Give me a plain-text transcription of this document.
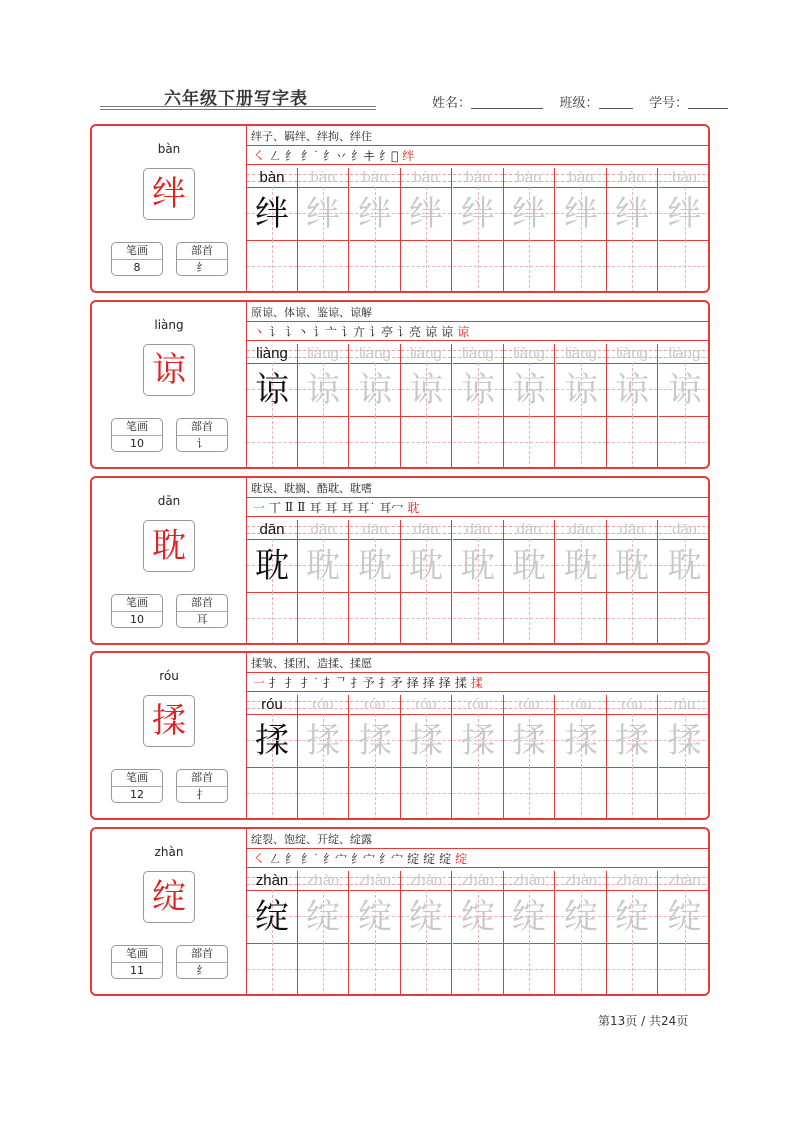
六年级下册写字表	姓名：	班级：	学号：
bàn
绊
笔画
8
部首
纟
绊子、羁绊、绊拘、绊住
㇛ ㇜ 纟 纟˙ 纟丷 纟𰀁 纟𫠠 绊
bàn
绊
bàn
绊
bàn
绊
bàn
绊
bàn
绊
bàn
绊
bàn
绊
bàn
绊
bàn
绊
liàng
谅
笔画
10
部首
讠
原谅、体谅、鉴谅、谅解
丶 讠 讠丶 讠亠 讠亣 讠亭 讠亮 谅 谅 谅
liàng
谅
liàng
谅
liàng
谅
liàng
谅
liàng
谅
liàng
谅
liàng
谅
liàng
谅
liàng
谅
dān
耽
笔画
10
部首
耳
耽误、耽搁、酷耽、耽嗜
一 丅 Ⅱ Ⅱ 耳 耳 耳 耳˙ 耳冖 耽
dān
耽
dān
耽
dān
耽
dān
耽
dān
耽
dān
耽
dān
耽
dān
耽
dān
耽
róu
揉
笔画
12
部首
扌
揉皱、揉团、造揉、揉愿
一 扌 扌 扌˙ 扌ᄀ 扌予 扌矛 择 择 择 揉 揉
róu
揉
róu
揉
róu
揉
róu
揉
róu
揉
róu
揉
róu
揉
róu
揉
róu
揉
zhàn
绽
笔画
11
部首
纟
绽裂、饱绽、开绽、绽露
㇛ ㇜ 纟 纟˙ 纟宀 纟宀 纟宀 绽 绽 绽 绽
zhàn
绽
zhàn
绽
zhàn
绽
zhàn
绽
zhàn
绽
zhàn
绽
zhàn
绽
zhàn
绽
zhàn
绽
第13页 / 共24页
